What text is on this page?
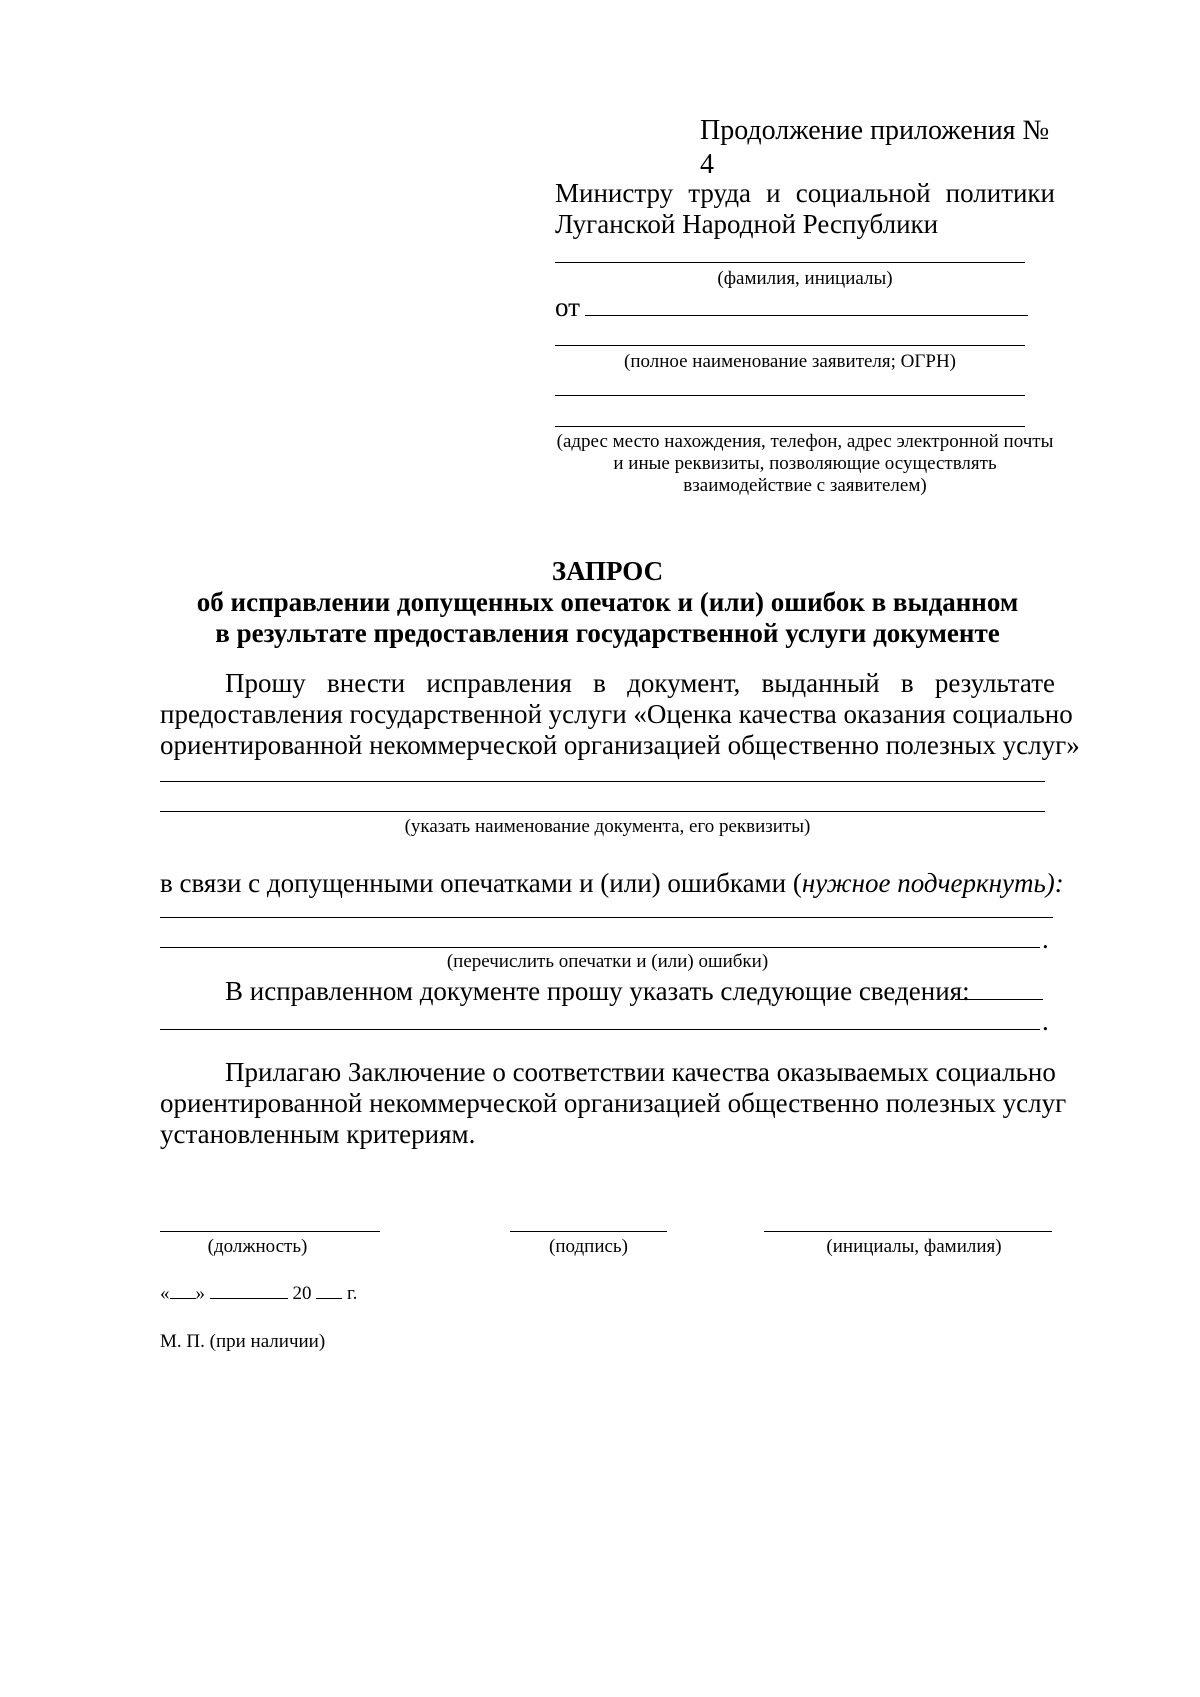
Продолжение приложения № 4
Министру труда и социальной политики
Луганской Народной Республики
(фамилия, инициалы)
от
(полное наименование заявителя; ОГРН)
(адрес место нахождения, телефон, адрес электронной почты
и иные реквизиты, позволяющие осуществлять
взаимодействие с заявителем)
ЗАПРОС
об исправлении допущенных опечаток и (или) ошибок в выданном
в результате предоставления государственной услуги документе
Прошу внести исправления в документ, выданный в результате
предоставления государственной услуги «Оценка качества оказания социально
ориентированной некоммерческой организацией общественно полезных услуг»
(указать наименование документа, его реквизиты)
в связи с допущенными опечатками и (или) ошибками (нужное подчеркнуть):
.
(перечислить опечатки и (или) ошибки)
В исправленном документе прошу указать следующие сведения:
.
Прилагаю Заключение о соответствии качества оказываемых социально
ориентированной некоммерческой организацией общественно полезных услуг
установленным критериям.
(должность)	(подпись)	(инициалы, фамилия)
« »	20 г.
М. П. (при наличии)
